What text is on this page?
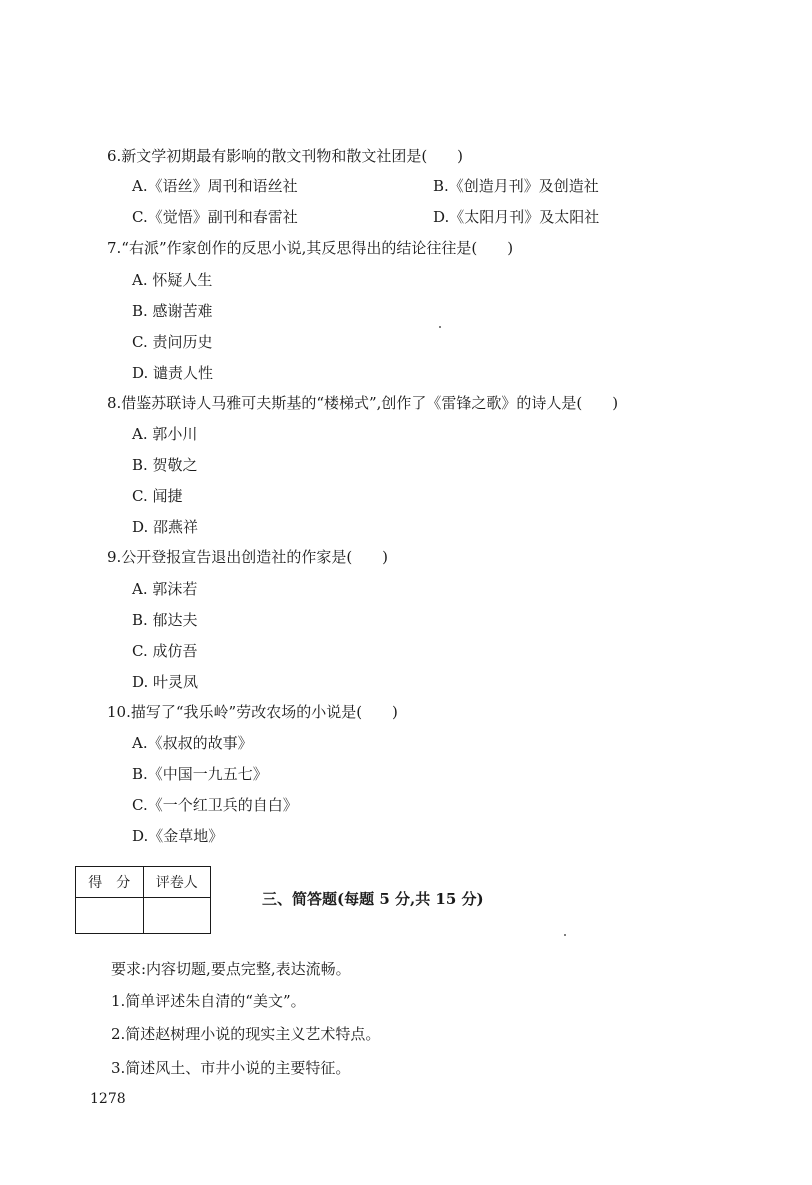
6.新文学初期最有影响的散文刊物和散文社团是(　　)
A.《语丝》周刊和语丝社	B.《创造月刊》及创造社
C.《觉悟》副刊和春雷社	D.《太阳月刊》及太阳社
7.“右派”作家创作的反思小说,其反思得出的结论往往是(　　)
A. 怀疑人生
B. 感谢苦难
C. 责问历史
D. 谴责人性
8.借鉴苏联诗人马雅可夫斯基的“楼梯式”,创作了《雷锋之歌》的诗人是(　　)
A. 郭小川
B. 贺敬之
C. 闻捷
D. 邵燕祥
9.公开登报宣告退出创造社的作家是(　　)
A. 郭沫若
B. 郁达夫
C. 成仿吾
D. 叶灵凤
10.描写了“我乐岭”劳改农场的小说是(　　)
A.《叔叔的故事》
B.《中国一九五七》
C.《一个红卫兵的自白》
D.《金草地》
得　分	评卷人

三、简答题(每题 5 分,共 15 分)
要求:内容切题,要点完整,表达流畅。
1.简单评述朱自清的“美文”。
2.简述赵树理小说的现实主义艺术特点。
3.简述风土、市井小说的主要特征。
1278
